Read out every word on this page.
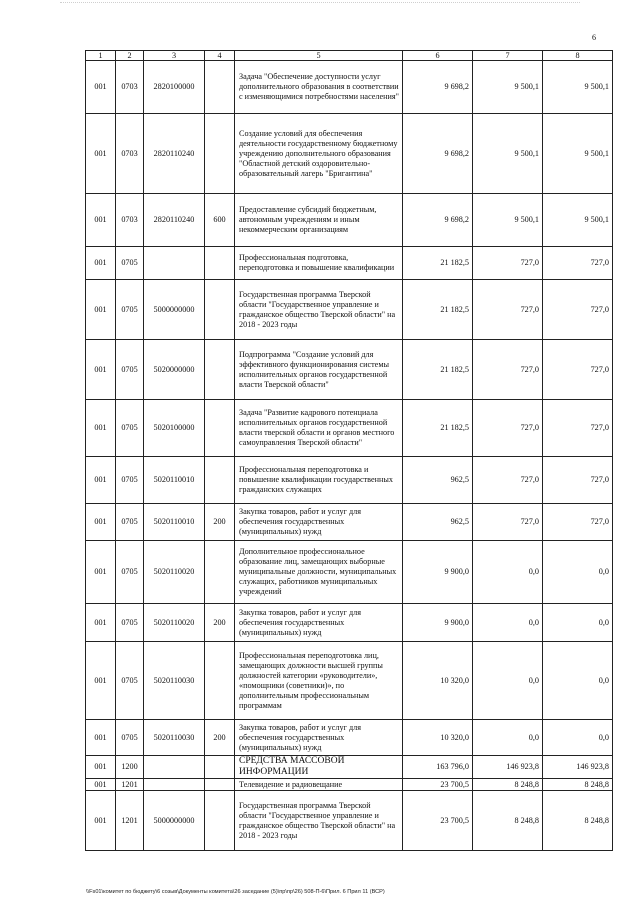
6
1	2	3	4	5	6	7	8
001	0703	2820100000		Задача "Обеспечение доступности услуг дополнительного образования в соответствии с изменяющимися потребностями населения"	9 698,2	9 500,1	9 500,1
001	0703	2820110240		Создание условий для обеспечения деятельности государственному бюджетному учреждению дополнительного образования "Областной детский оздоровительно-образовательный лагерь "Бригантина"	9 698,2	9 500,1	9 500,1
001	0703	2820110240	600	Предоставление субсидий бюджетным, автономным учреждениям и иным некоммерческим организациям	9 698,2	9 500,1	9 500,1
001	0705			Профессиональная подготовка, переподготовка и повышение квалификации	21 182,5	727,0	727,0
001	0705	5000000000		Государственная программа Тверской области "Государственное управление и гражданское общество Тверской области" на 2018 - 2023 годы	21 182,5	727,0	727,0
001	0705	5020000000		Подпрограмма "Создание условий для эффективного функционирования системы исполнительных органов государственной власти Тверской области"	21 182,5	727,0	727,0
001	0705	5020100000		Задача "Развитие кадрового потенциала исполнительных органов государственной власти тверской области и органов местного самоуправления Тверской области"	21 182,5	727,0	727,0
001	0705	5020110010		Профессиональная переподготовка и повышение квалификации государственных гражданских служащих	962,5	727,0	727,0
001	0705	5020110010	200	Закупка товаров, работ и услуг для обеспечения государственных (муниципальных) нужд	962,5	727,0	727,0
001	0705	5020110020		Дополнительное профессиональное образование лиц, замещающих выборные муниципальные должности, муниципальных служащих, работников муниципальных учреждений	9 900,0	0,0	0,0
001	0705	5020110020	200	Закупка товаров, работ и услуг для обеспечения государственных (муниципальных) нужд	9 900,0	0,0	0,0
001	0705	5020110030		Профессиональная переподготовка лиц, замещающих должности высшей группы должностей категории «руководители», «помощники (советники)», по дополнительным профессиональным программам	10 320,0	0,0	0,0
001	0705	5020110030	200	Закупка товаров, работ и услуг для обеспечения государственных (муниципальных) нужд	10 320,0	0,0	0,0
001	1200			СРЕДСТВА МАССОВОЙ ИНФОРМАЦИИ	163 796,0	146 923,8	146 923,8
001	1201			Телевидение и радиовещание	23 700,5	8 248,8	8 248,8
001	1201	5000000000		Государственная программа Тверской области "Государственное управление и гражданское общество Тверской области" на 2018 - 2023 годы	23 700,5	8 248,8	8 248,8
\\Fs01\комитет по бюджету\6 созыв\Документы комитета\26 заседание (5)\пр\пр\26) 508-П-6\Прил. 6 Прил 11 (ВСР)
